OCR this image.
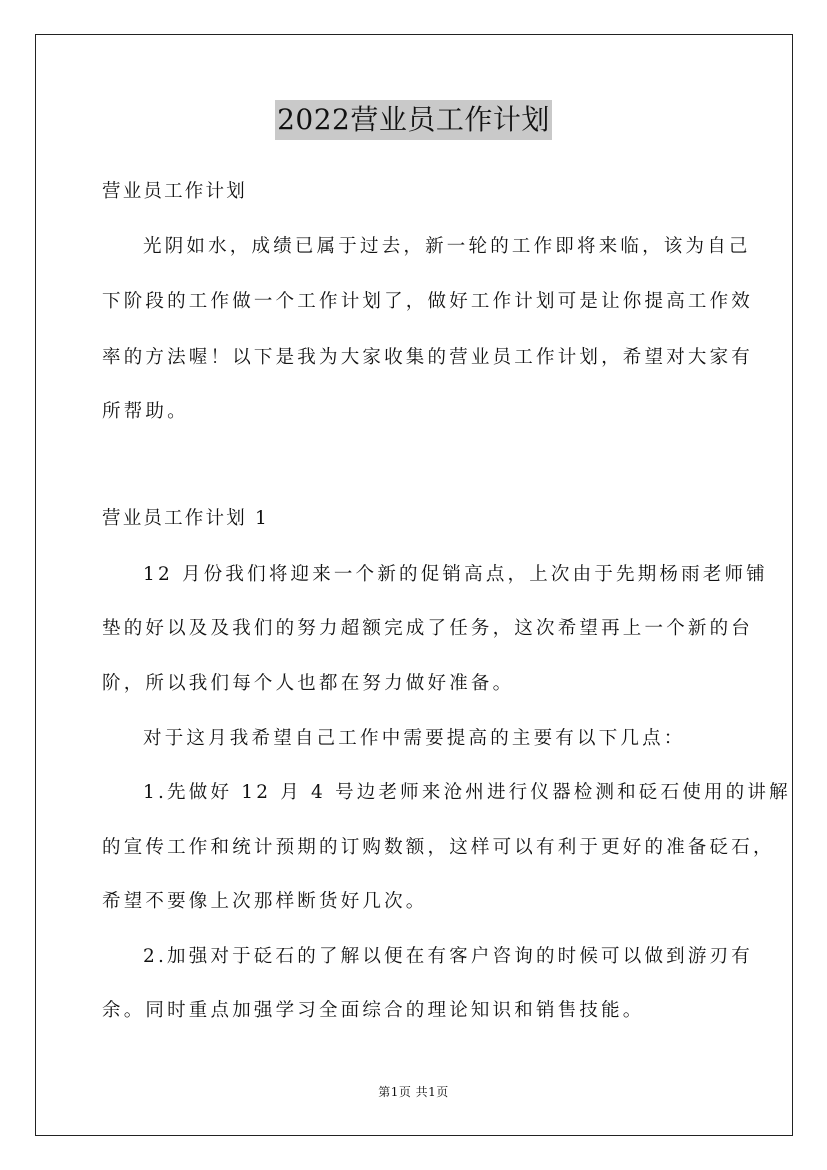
2022营业员工作计划
营业员工作计划
光阴如水，成绩已属于过去，新一轮的工作即将来临，该为自己
下阶段的工作做一个工作计划了，做好工作计划可是让你提高工作效
率的方法喔！以下是我为大家收集的营业员工作计划，希望对大家有
所帮助。
营业员工作计划 1
12 月份我们将迎来一个新的促销高点，上次由于先期杨雨老师铺
垫的好以及及我们的努力超额完成了任务，这次希望再上一个新的台
阶，所以我们每个人也都在努力做好准备。
对于这月我希望自己工作中需要提高的主要有以下几点：
1.先做好 12 月 4 号边老师来沧州进行仪器检测和砭石使用的讲解
的宣传工作和统计预期的订购数额，这样可以有利于更好的准备砭石，
希望不要像上次那样断货好几次。
2.加强对于砭石的了解以便在有客户咨询的时候可以做到游刃有
余。同时重点加强学习全面综合的理论知识和销售技能。
第1页 共1页
